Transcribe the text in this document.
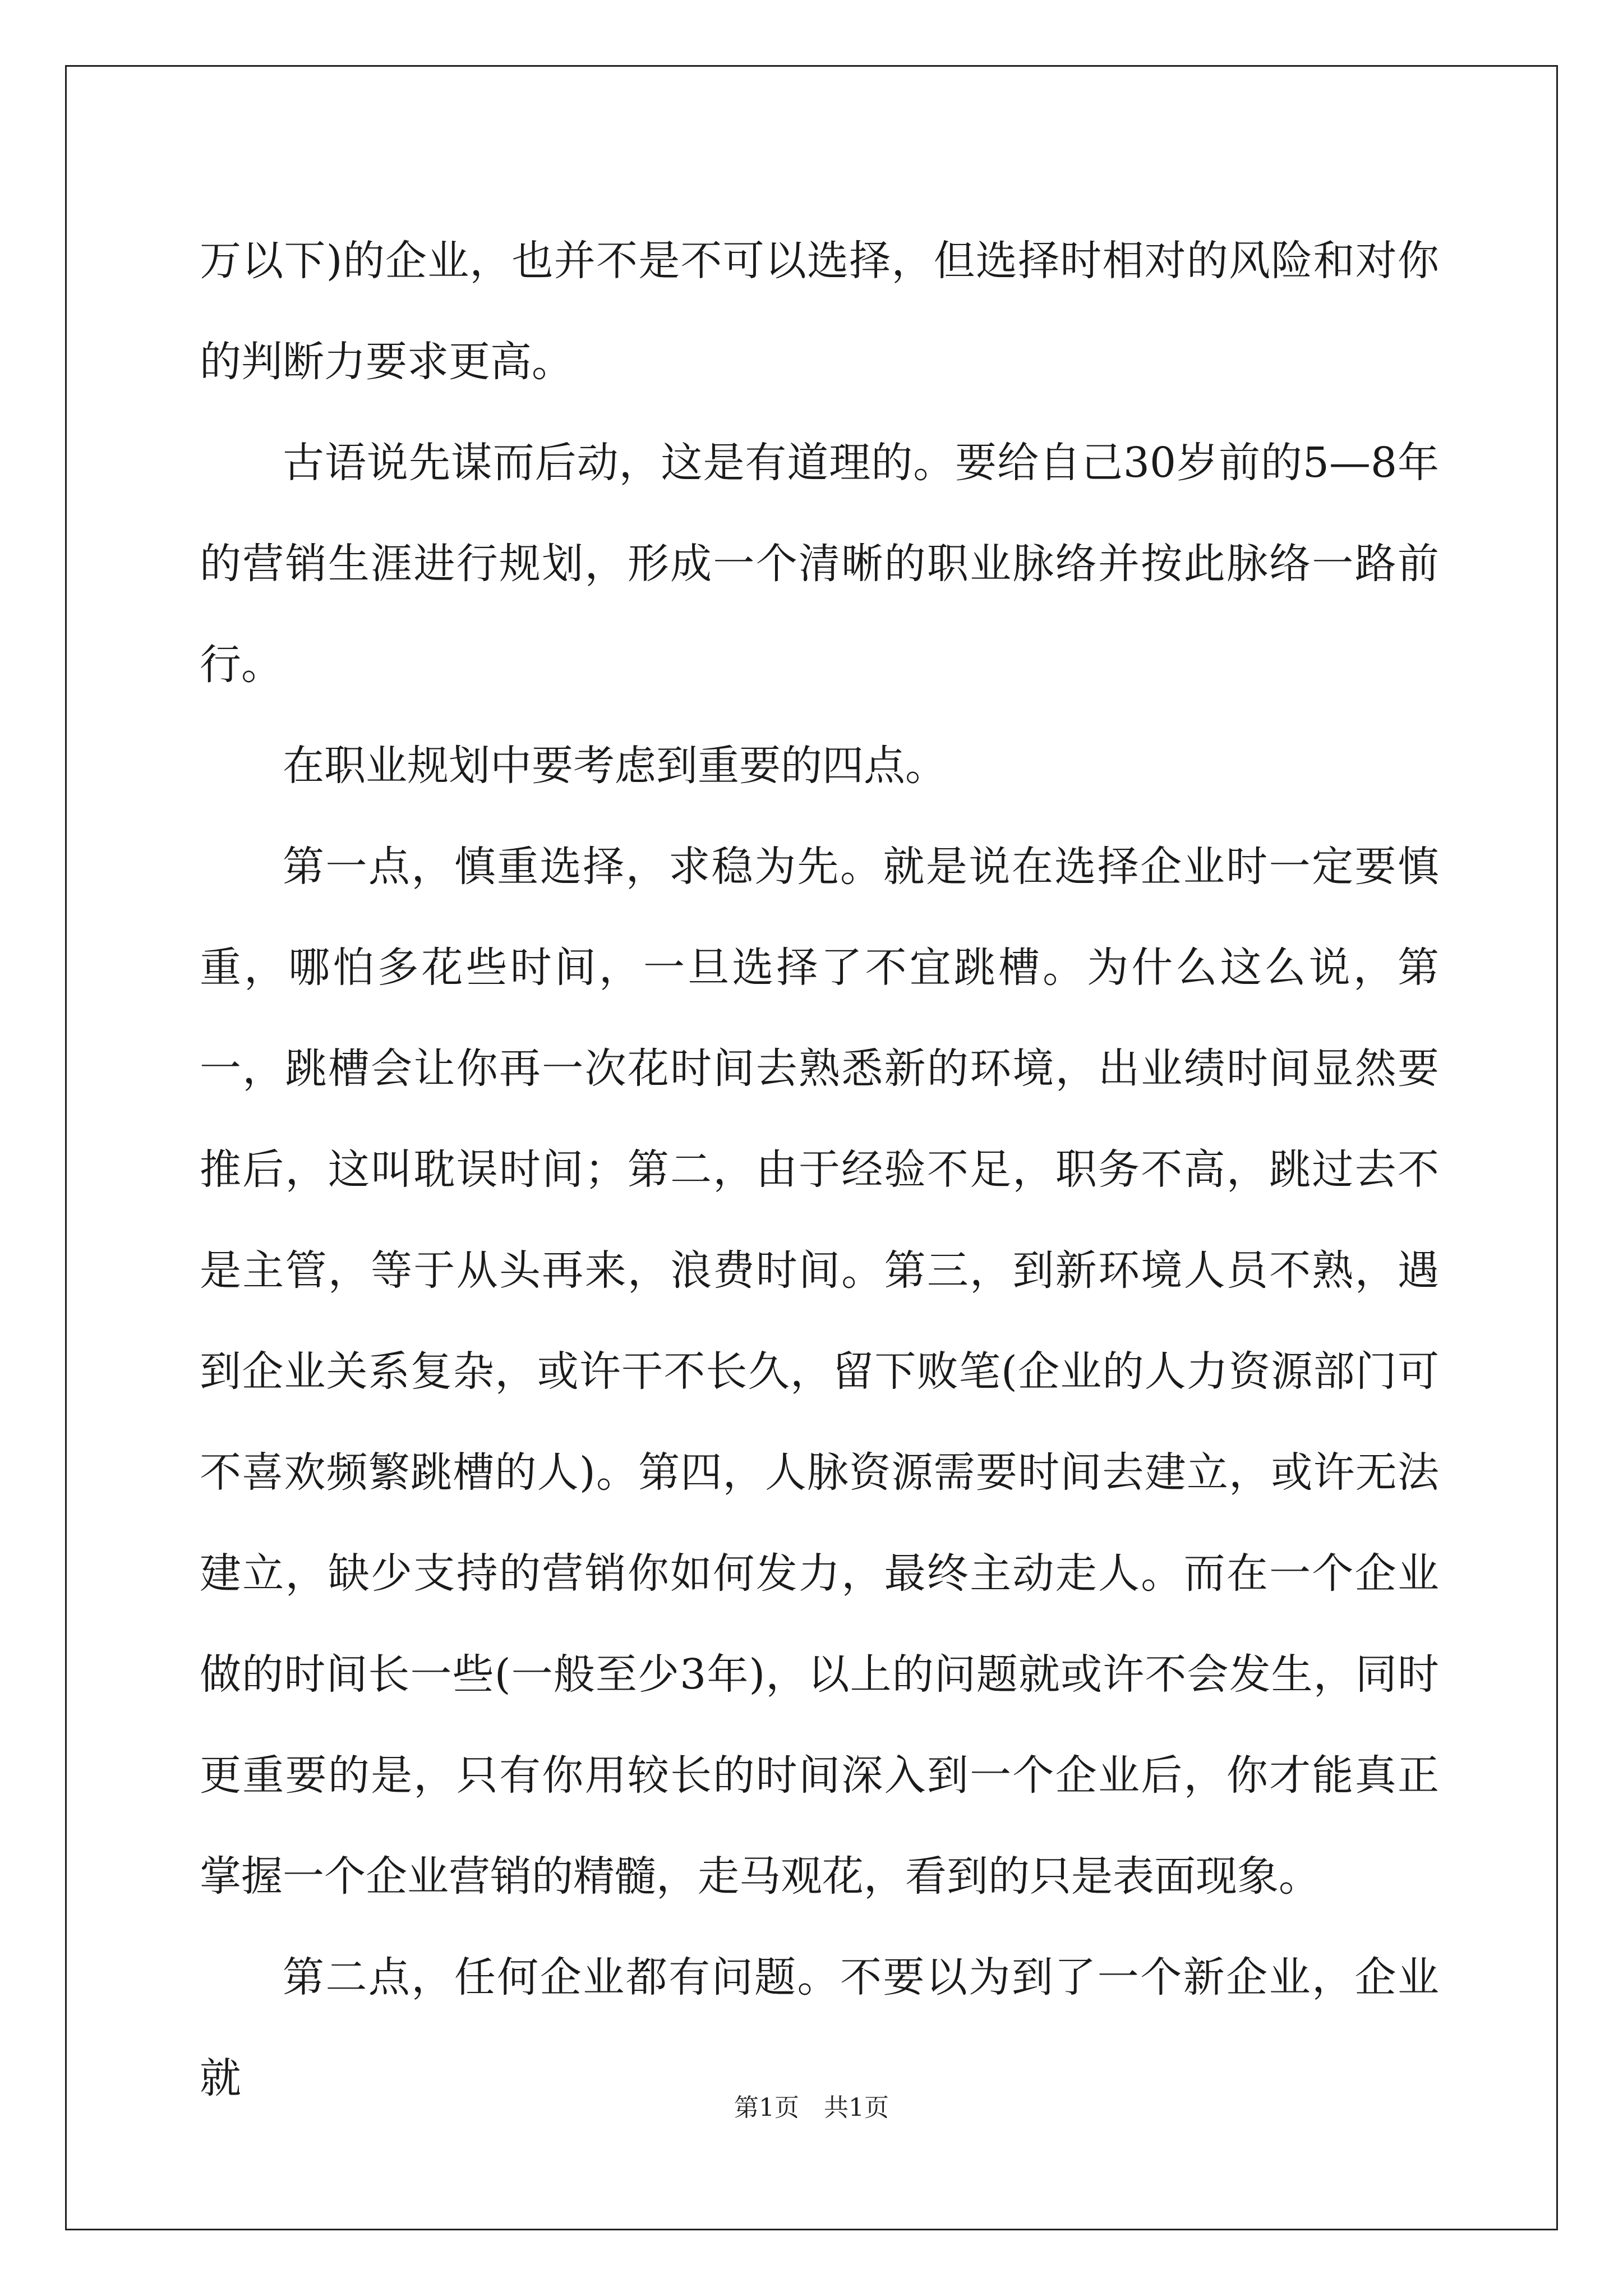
万以下)的企业，也并不是不可以选择，但选择时相对的风险和对你的判断力要求更高。

古语说先谋而后动，这是有道理的。要给自己30岁前的5—8年的营销生涯进行规划，形成一个清晰的职业脉络并按此脉络一路前行。

在职业规划中要考虑到重要的四点。

第一点，慎重选择，求稳为先。就是说在选择企业时一定要慎重，哪怕多花些时间，一旦选择了不宜跳槽。为什么这么说，第一，跳槽会让你再一次花时间去熟悉新的环境，出业绩时间显然要推后，这叫耽误时间；第二，由于经验不足，职务不高，跳过去不是主管，等于从头再来，浪费时间。第三，到新环境人员不熟，遇到企业关系复杂，或许干不长久，留下败笔(企业的人力资源部门可不喜欢频繁跳槽的人)。第四，人脉资源需要时间去建立，或许无法建立，缺少支持的营销你如何发力，最终主动走人。而在一个企业做的时间长一些(一般至少3年)，以上的问题就或许不会发生，同时更重要的是，只有你用较长的时间深入到一个企业后，你才能真正掌握一个企业营销的精髓，走马观花，看到的只是表面现象。

第二点，任何企业都有问题。不要以为到了一个新企业，企业就

第1页 共1页
